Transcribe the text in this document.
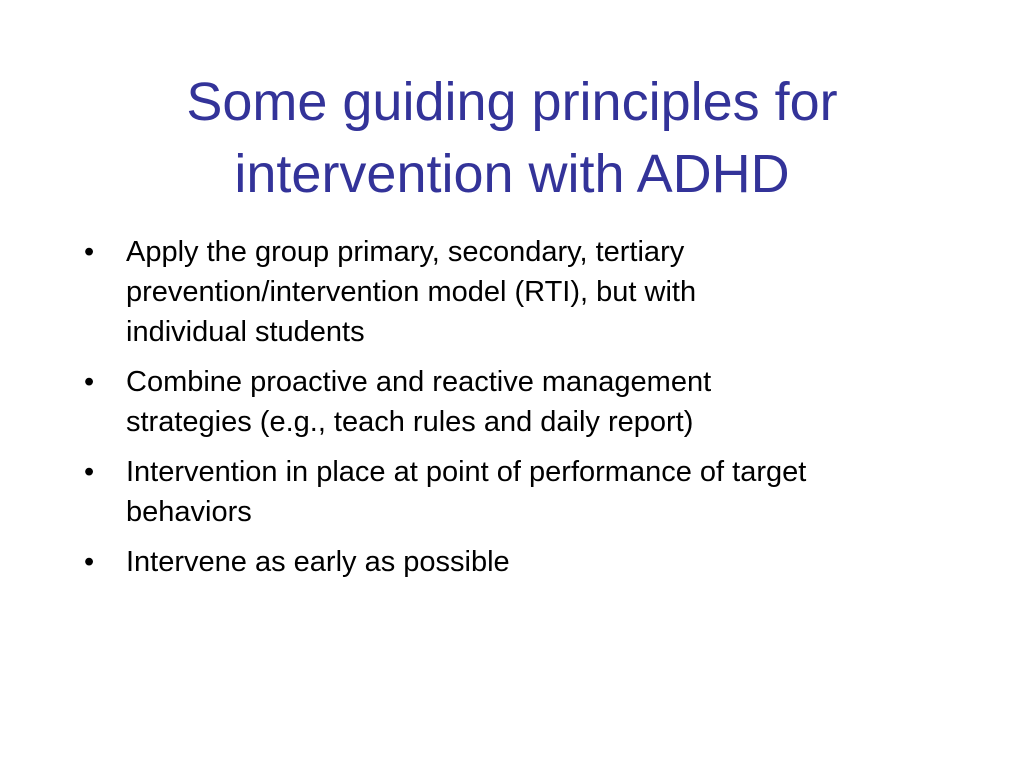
Some guiding principles for
intervention with ADHD
•	Apply the group primary, secondary, tertiary
prevention/intervention model (RTI), but with
individual students
•	Combine proactive and reactive management
strategies (e.g., teach rules and daily report)
•	Intervention in place at point of performance of target
behaviors
•	Intervene as early as possible
